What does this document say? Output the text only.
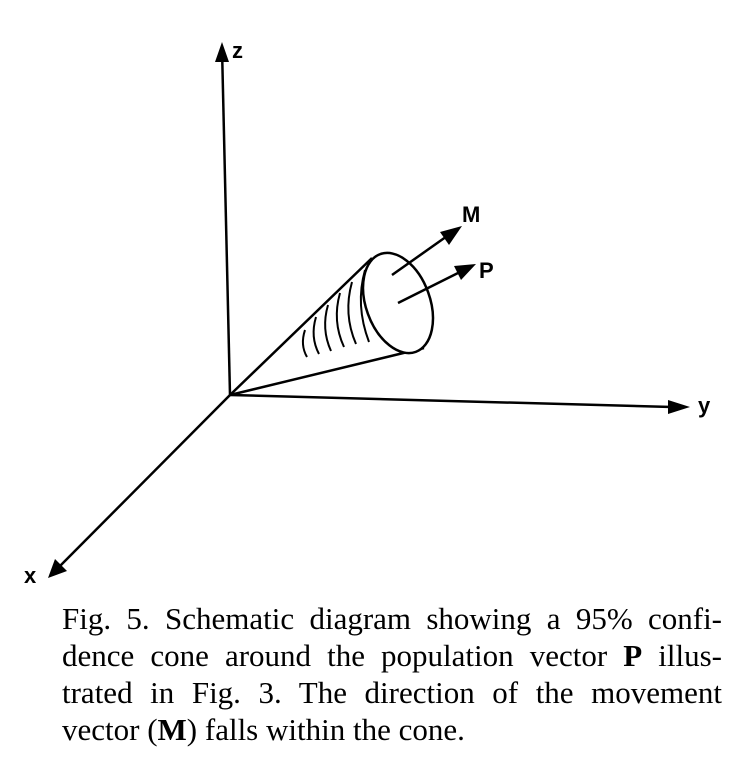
z
y
x
M
P
Fig. 5. Schematic diagram showing a 95% confi-dence cone around the population vector P illus-trated in Fig. 3. The direction of the movement vector (M) falls within the cone.
